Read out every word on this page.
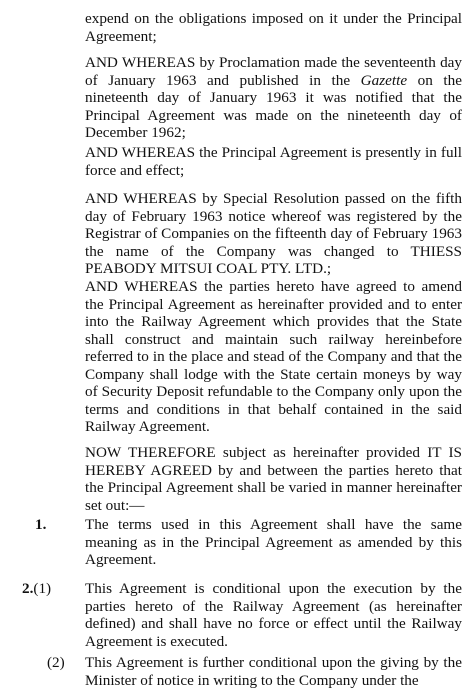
expend on the obligations imposed on it under the Principal Agreement;

AND WHEREAS by Proclamation made the seventeenth day of January 1963 and published in the Gazette on the nineteenth day of January 1963 it was notified that the Principal Agreement was made on the nineteenth day of December 1962;

AND WHEREAS the Principal Agreement is presently in full force and effect;

AND WHEREAS by Special Resolution passed on the fifth day of February 1963 notice whereof was registered by the Registrar of Companies on the fifteenth day of February 1963 the name of the Company was changed to THIESS PEABODY MITSUI COAL PTY. LTD.;

AND WHEREAS the parties hereto have agreed to amend the Principal Agreement as hereinafter provided and to enter into the Railway Agreement which provides that the State shall construct and maintain such railway hereinbefore referred to in the place and stead of the Company and that the Company shall lodge with the State certain moneys by way of Security Deposit refundable to the Company only upon the terms and conditions in that behalf contained in the said Railway Agreement.

NOW THEREFORE subject as hereinafter provided IT IS HEREBY AGREED by and between the parties hereto that the Principal Agreement shall be varied in manner hereinafter set out:—

1.	The terms used in this Agreement shall have the same meaning as in the Principal Agreement as amended by this Agreement.

2.(1) This Agreement is conditional upon the execution by the parties hereto of the Railway Agreement (as hereinafter defined) and shall have no force or effect until the Railway Agreement is executed.

(2) This Agreement is further conditional upon the giving by the Minister of notice in writing to the Company under the
